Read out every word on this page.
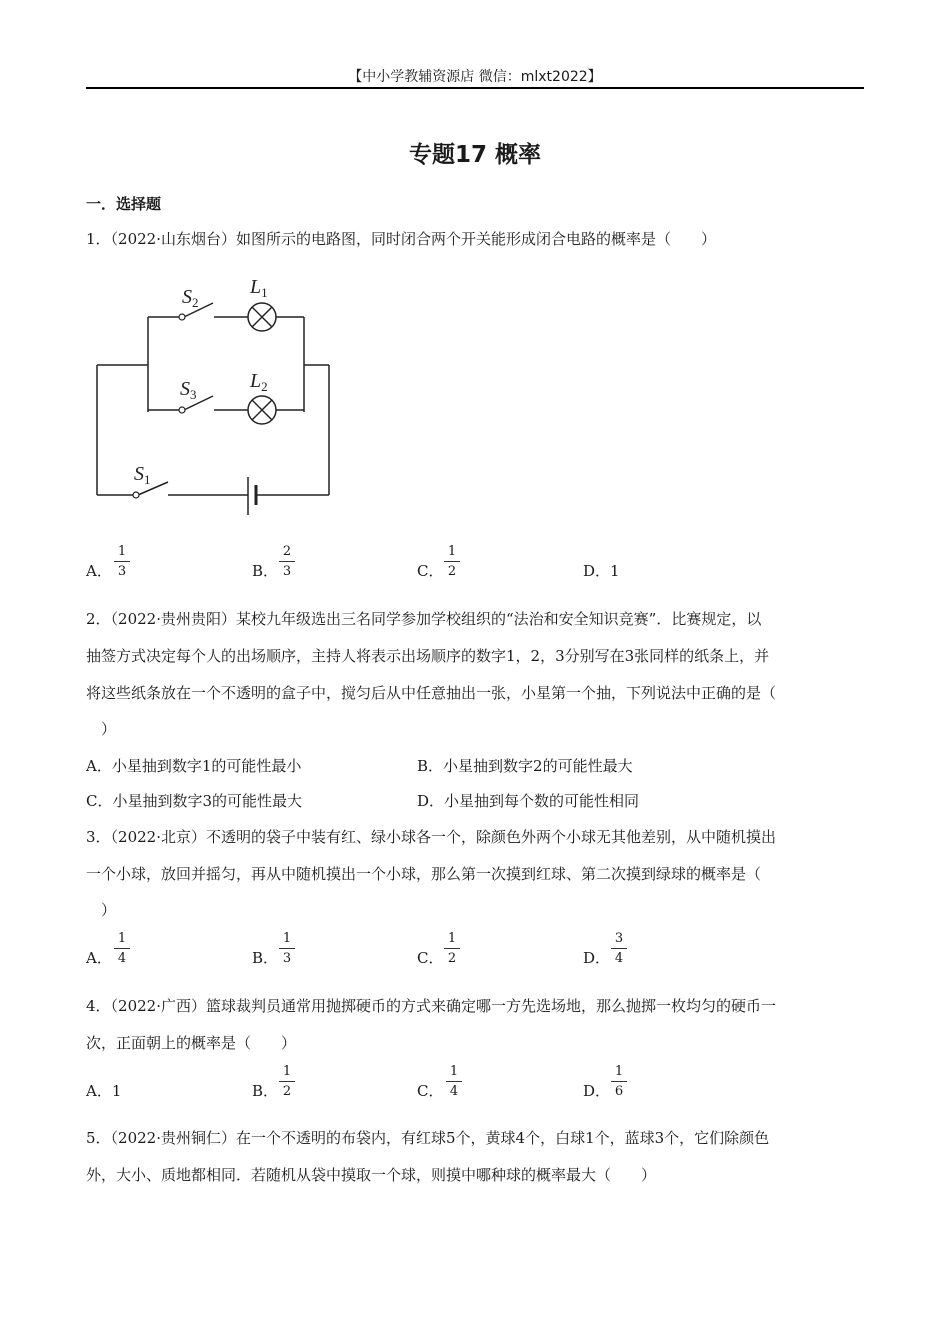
【中小学教辅资源店 微信：mlxt2022】
专题17 概率
一．选择题
1．（2022·山东烟台）如图所示的电路图，同时闭合两个开关能形成闭合电路的概率是（　　）
$S_2$
$L_1$
$S_3$
$L_2$
$S_1$
A．
1
3	B．
2
3	C．
1
2	D．1
2．（2022·贵州贵阳）某校九年级选出三名同学参加学校组织的“法治和安全知识竞赛”．比赛规定，以
抽签方式决定每个人的出场顺序，主持人将表示出场顺序的数字1，2，3分别写在3张同样的纸条上，并
将这些纸条放在一个不透明的盒子中，搅匀后从中任意抽出一张，小星第一个抽，下列说法中正确的是（
　）
A．小星抽到数字1的可能性最小	B．小星抽到数字2的可能性最大
C．小星抽到数字3的可能性最大	D．小星抽到每个数的可能性相同
3．（2022·北京）不透明的袋子中装有红、绿小球各一个，除颜色外两个小球无其他差别，从中随机摸出
一个小球，放回并摇匀，再从中随机摸出一个小球，那么第一次摸到红球、第二次摸到绿球的概率是（
　）
A．
1
4	B．
1
3	C．
1
2	D．
3
4
4．（2022·广西）篮球裁判员通常用抛掷硬币的方式来确定哪一方先选场地，那么抛掷一枚均匀的硬币一
次，正面朝上的概率是（　　）
A．1	B．
1
2	C．
1
4	D．
1
6
5．（2022·贵州铜仁）在一个不透明的布袋内，有红球5个，黄球4个，白球1个，蓝球3个，它们除颜色
外，大小、质地都相同．若随机从袋中摸取一个球，则摸中哪种球的概率最大（　　）
